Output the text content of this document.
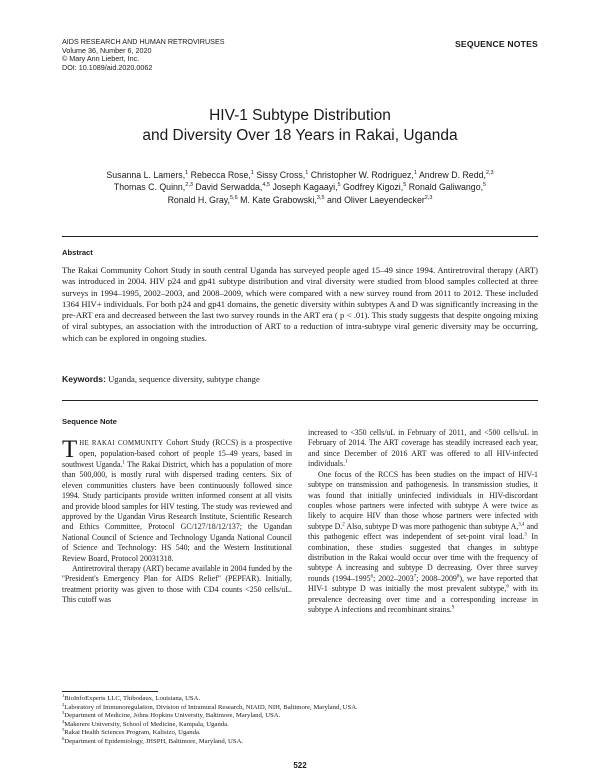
AIDS RESEARCH AND HUMAN RETROVIRUSES
Volume 36, Number 6, 2020
© Mary Ann Liebert, Inc.
DOI: 10.1089/aid.2020.0062
SEQUENCE NOTES
HIV-1 Subtype Distribution
and Diversity Over 18 Years in Rakai, Uganda
Susanna L. Lamers,$^1$ Rebecca Rose,$^1$ Sissy Cross,$^1$ Christopher W. Rodriguez,$^1$ Andrew D. Redd,$^{2,3}$
Thomas C. Quinn,$^{2,3}$ David Serwadda,$^{4,5}$ Joseph Kagaayi,$^5$ Godfrey Kigozi,$^5$ Ronald Galiwango,$^5$
Ronald H. Gray,$^{5,6}$ M. Kate Grabowski,$^{3,5}$ and Oliver Laeyendecker$^{2,3}$
Abstract

The Rakai Community Cohort Study in south central Uganda has surveyed people aged 15–49 since 1994. Antiretroviral therapy (ART) was introduced in 2004. HIV p24 and gp41 subtype distribution and viral diversity were studied from blood samples collected at three surveys in 1994–1995, 2002–2003, and 2008–2009, which were compared with a new survey round from 2011 to 2012. These included 1364 HIV+ individuals. For both p24 and gp41 domains, the genetic diversity within subtypes A and D was significantly increasing in the pre-ART era and decreased between the last two survey rounds in the ART era ( p < .01). This study suggests that despite ongoing mixing of viral subtypes, an association with the introduction of ART to a reduction of intra-subtype viral generic diversity may be occurring, which can be explored in ongoing studies.

Keywords: Uganda, sequence diversity, subtype change
Sequence Note

THE RAKAI COMMUNITY Cohort Study (RCCS) is a prospective open, population-based cohort of people 15–49 years, based in southwest Uganda.$^1$ The Rakai District, which has a population of more than 500,000, is mostly rural with dispersed trading centers. Six of eleven communities clusters have been continuously followed since 1994. Study participants provide written informed consent at all visits and provide blood samples for HIV testing. The study was reviewed and approved by the Ugandan Virus Research Institute, Scientific Research and Ethics Committee, Protocol GC/127/18/12/137; the Ugandan National Council of Science and Technology Uganda National Council of Science and Technology: HS 540; and the Western Institutional Review Board, Protocol 20031318.

Antiretroviral therapy (ART) became available in 2004 funded by the ''President's Emergency Plan for AIDS Relief'' (PEPFAR). Initially, treatment priority was given to those with CD4 counts <250 cells/uL. This cutoff was

increased to <350 cells/uL in February of 2011, and <500 cells/uL in February of 2014. The ART coverage has steadily increased each year, and since December of 2016 ART was offered to all HIV-infected individuals.$^1$

One focus of the RCCS has been studies on the impact of HIV-1 subtype on transmission and pathogenesis. In transmission studies, it was found that initially uninfected individuals in HIV-discordant couples whose partners were infected with subtype A were twice as likely to acquire HIV than those whose partners were infected with subtype D.$^2$ Also, subtype D was more pathogenic than subtype A,$^{3,4}$ and this pathogenic effect was independent of set-point viral load.$^3$ In combination, these studies suggested that changes in subtype distribution in the Rakai would occur over time with the frequency of subtype A increasing and subtype D decreasing. Over three survey rounds (1994–1995$^6$; 2002–2003$^7$; 2008–2009$^8$), we have reported that HIV-1 subtype D was initially the most prevalent subtype,$^6$ with its prevalence decreasing over time and a corresponding increase in subtype A infections and recombinant strains.$^9$

$^1$BioInfoExperts LLC, Thibodaux, Louisiana, USA.
$^2$Laboratory of Immunoregulation, Division of Intramural Research, NIAID, NIH, Baltimore, Maryland, USA.
$^3$Department of Medicine, Johns Hopkins University, Baltimore, Maryland, USA.
$^4$Makerere University, School of Medicine, Kampala, Uganda.
$^5$Rakai Health Sciences Program, Kalisizo, Uganda.
$^6$Department of Epidemiology, JHSPH, Baltimore, Maryland, USA.
522
